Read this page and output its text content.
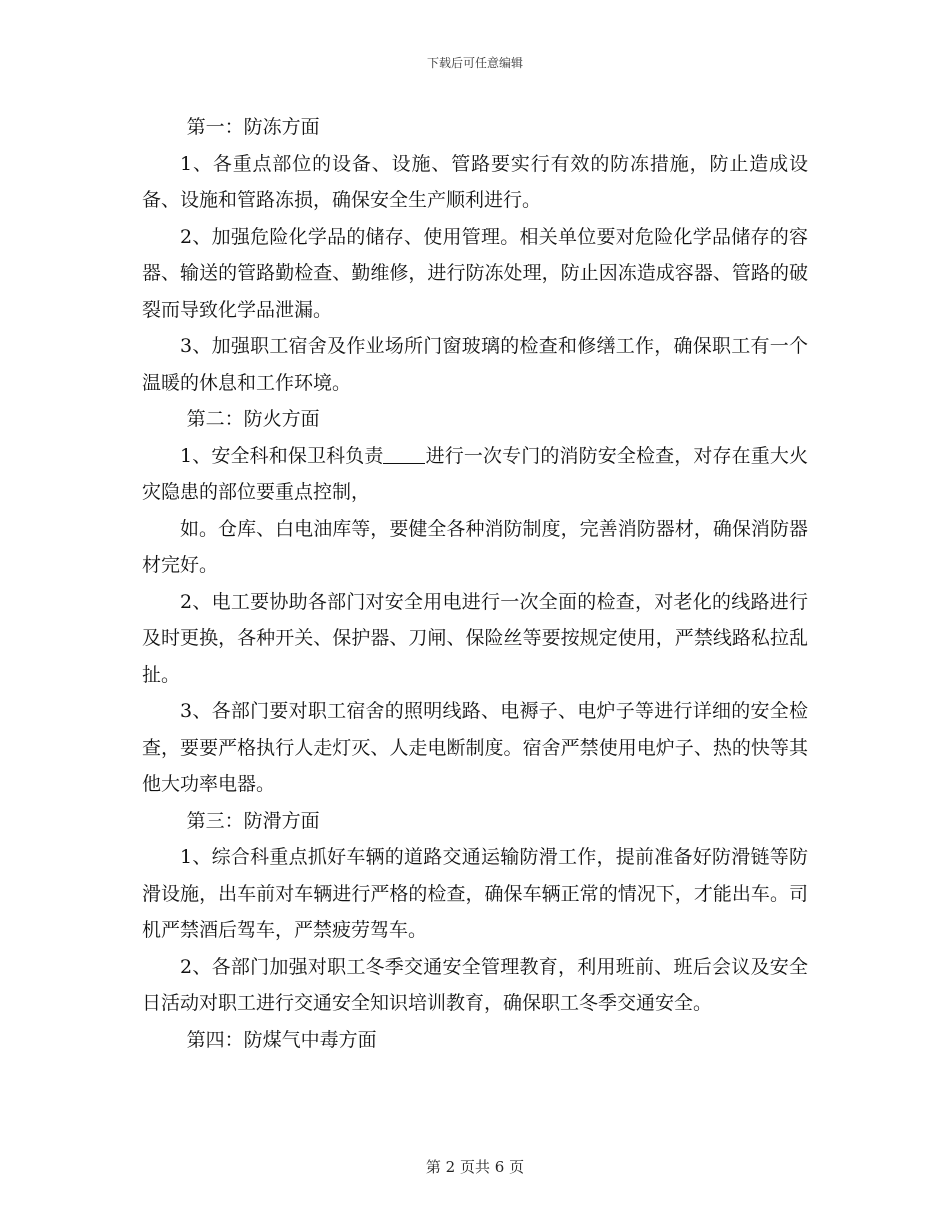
下载后可任意编辑

第一：防冻方面

1、各重点部位的设备、设施、管路要实行有效的防冻措施，防止造成设备、设施和管路冻损，确保安全生产顺利进行。

2、加强危险化学品的储存、使用管理。相关单位要对危险化学品储存的容器、输送的管路勤检查、勤维修，进行防冻处理，防止因冻造成容器、管路的破裂而导致化学品泄漏。

3、加强职工宿舍及作业场所门窗玻璃的检查和修缮工作，确保职工有一个温暖的休息和工作环境。

第二：防火方面

1、安全科和保卫科负责 进行一次专门的消防安全检查，对存在重大火灾隐患的部位要重点控制，

如。仓库、白电油库等，要健全各种消防制度，完善消防器材，确保消防器材完好。

2、电工要协助各部门对安全用电进行一次全面的检查，对老化的线路进行及时更换，各种开关、保护器、刀闸、保险丝等要按规定使用，严禁线路私拉乱扯。

3、各部门要对职工宿舍的照明线路、电褥子、电炉子等进行详细的安全检查，要要严格执行人走灯灭、人走电断制度。宿舍严禁使用电炉子、热的快等其他大功率电器。

第三：防滑方面

1、综合科重点抓好车辆的道路交通运输防滑工作，提前准备好防滑链等防滑设施，出车前对车辆进行严格的检查，确保车辆正常的情况下，才能出车。司机严禁酒后驾车，严禁疲劳驾车。

2、各部门加强对职工冬季交通安全管理教育，利用班前、班后会议及安全日活动对职工进行交通安全知识培训教育，确保职工冬季交通安全。

第四：防煤气中毒方面

第 2 页共 6 页
